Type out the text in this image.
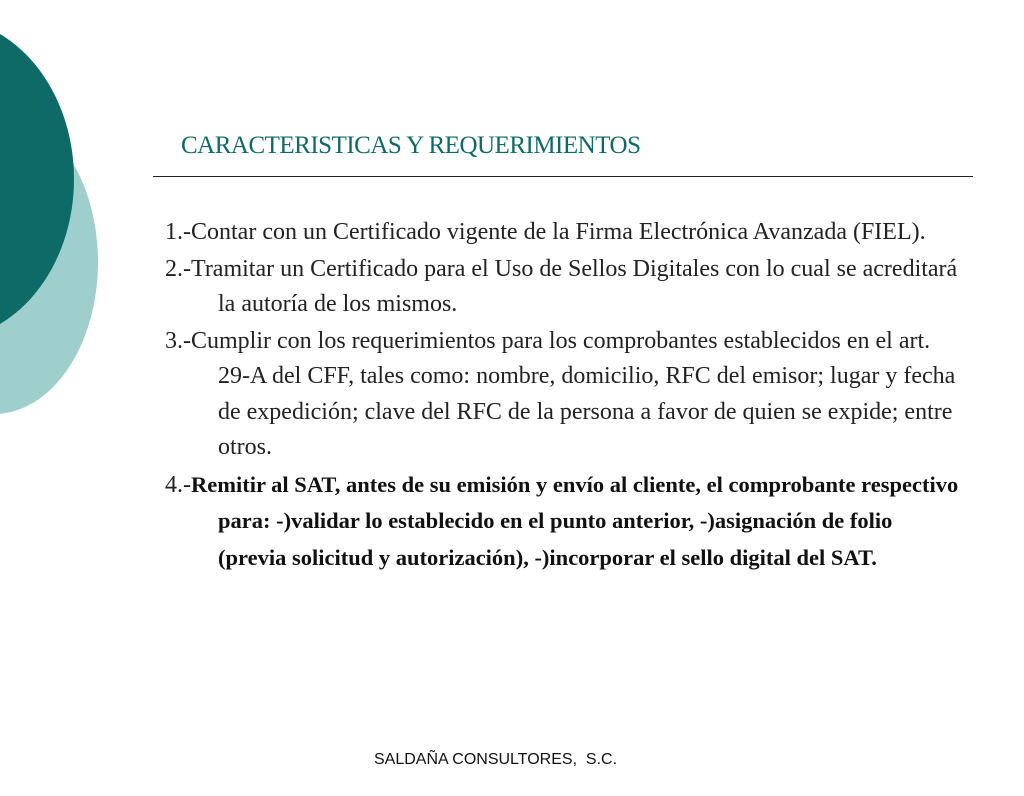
CARACTERISTICAS Y REQUERIMIENTOS
1.-Contar con un Certificado vigente de la Firma Electrónica Avanzada (FIEL).
2.-Tramitar un Certificado para el Uso de Sellos Digitales con lo cual se acreditará la autoría de los mismos.
3.-Cumplir con los requerimientos para los comprobantes establecidos en el art. 29-A del CFF, tales como: nombre, domicilio, RFC del emisor; lugar y fecha de expedición; clave del RFC de la persona a favor de quien se expide; entre otros.
4.-Remitir al SAT, antes de su emisión y envío al cliente, el comprobante respectivo para: -)validar lo establecido en el punto anterior, -)asignación de folio (previa solicitud y autorización), -)incorporar el sello digital del SAT.

SALDAÑA CONSULTORES,  S.C.
